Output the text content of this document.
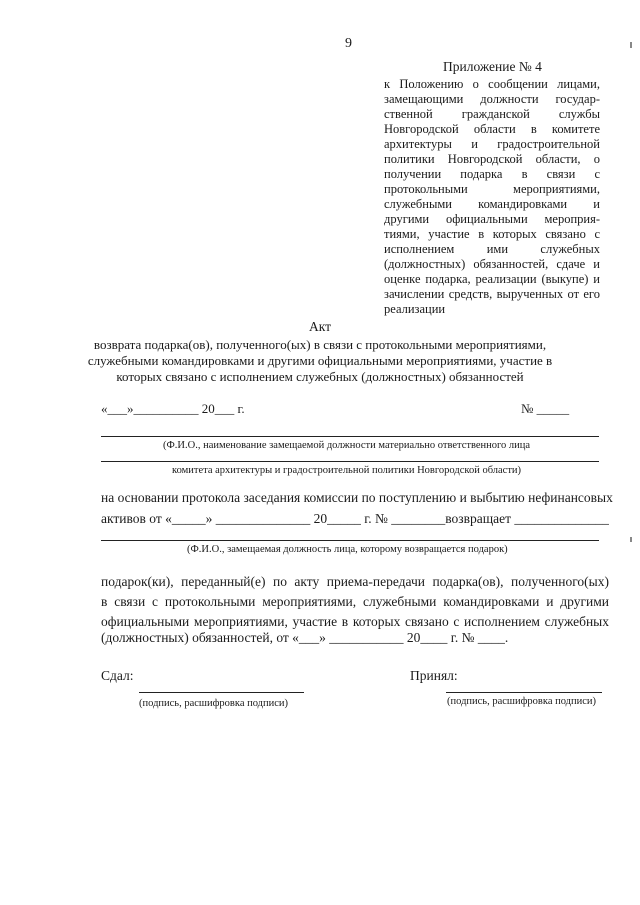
9
Приложение № 4
к Положению о сообщении лицами,
замещающими должности государ-
ственной гражданской службы
Новгородской области в комитете
архитектуры и градостроительной
политики Новгородской области, о
получении подарка в связи с
протокольными мероприятиями,
служебными командировками и
другими официальными мероприя-
тиями, участие в которых связано с
исполнением ими служебных
(должностных) обязанностей, сдаче и
оценке подарка, реализации (выкупе) и
зачислении средств, вырученных от его
реализации
Акт
возврата подарка(ов), полученного(ых) в связи с протокольными мероприятиями,
служебными командировками и другими официальными мероприятиями, участие в
которых связано с исполнением служебных (должностных) обязанностей
«___»__________ 20___ г.	№ _____
(Ф.И.О., наименование замещаемой должности материально ответственного лица
комитета архитектуры и градостроительной политики Новгородской области)
на основании протокола заседания комиссии по поступлению и выбытию нефинансовых
активов от «_____» ______________ 20_____ г. № ________возвращает ______________
(Ф.И.О., замещаемая должность лица, которому возвращается подарок)
подарок(ки), переданный(е) по акту приема-передачи подарка(ов), полученного(ых)
в связи с протокольными мероприятиями, служебными командировками и другими
официальными мероприятиями, участие в которых связано с исполнением служебных
(должностных) обязанностей, от «___» ___________ 20____ г. № ____.
Сдал:	Принял:
(подпись, расшифровка подписи)	(подпись, расшифровка подписи)
